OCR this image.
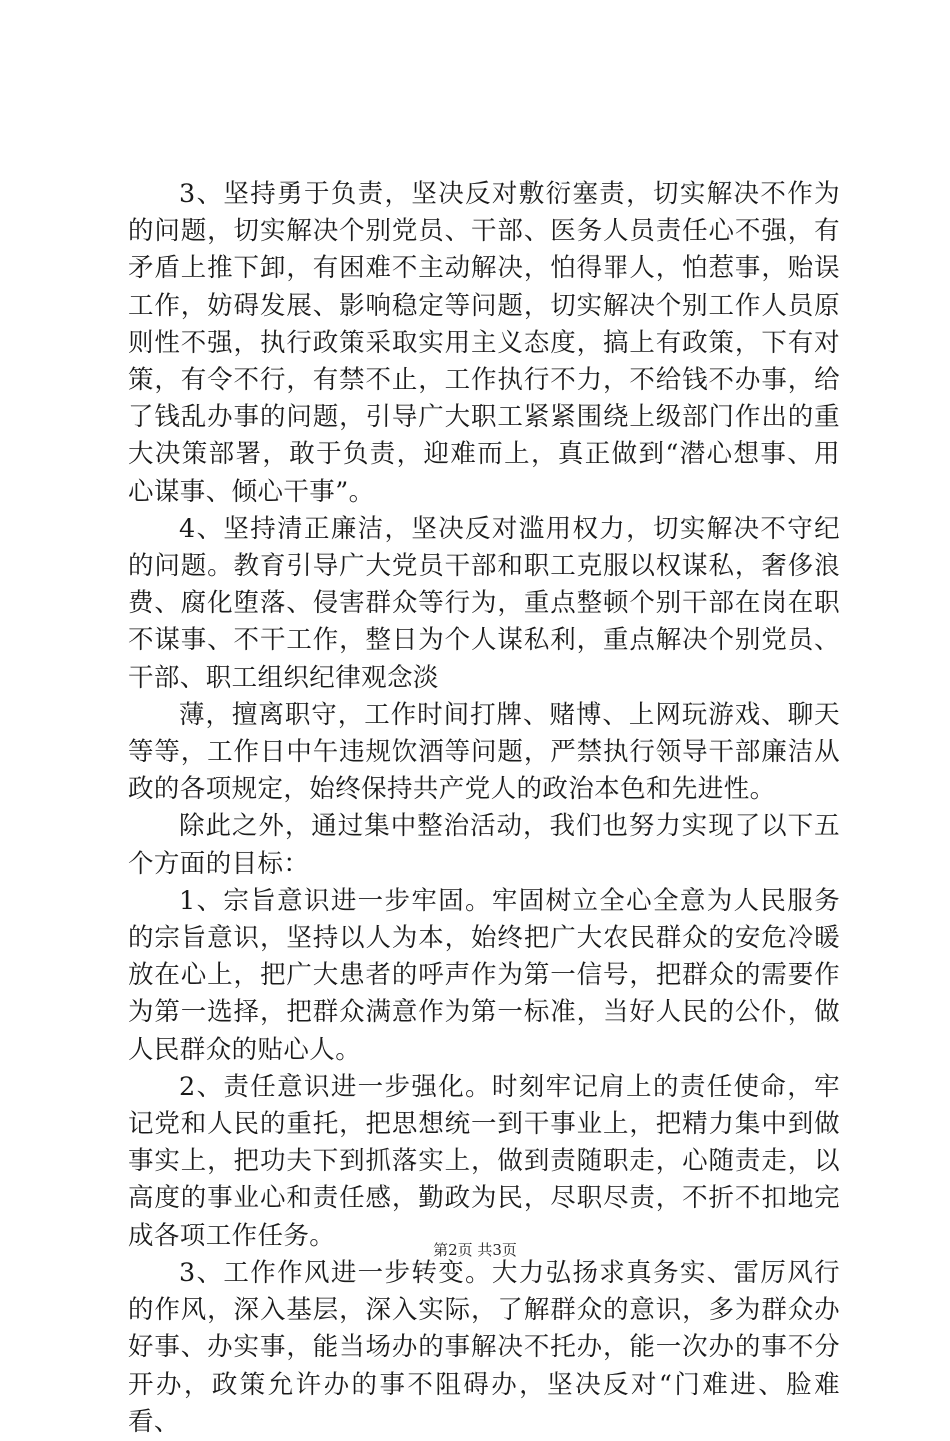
3、坚持勇于负责，坚决反对敷衍塞责，切实解决不作为的问题，切实解决个别党员、干部、医务人员责任心不强，有矛盾上推下卸，有困难不主动解决，怕得罪人，怕惹事，贻误工作，妨碍发展、影响稳定等问题，切实解决个别工作人员原则性不强，执行政策采取实用主义态度，搞上有政策，下有对策，有令不行，有禁不止，工作执行不力，不给钱不办事，给了钱乱办事的问题，引导广大职工紧紧围绕上级部门作出的重大决策部署，敢于负责，迎难而上，真正做到“潜心想事、用心谋事、倾心干事”。

4、坚持清正廉洁，坚决反对滥用权力，切实解决不守纪的问题。教育引导广大党员干部和职工克服以权谋私，奢侈浪费、腐化堕落、侵害群众等行为，重点整顿个别干部在岗在职不谋事、不干工作，整日为个人谋私利，重点解决个别党员、干部、职工组织纪律观念淡

薄，擅离职守，工作时间打牌、赌博、上网玩游戏、聊天等等，工作日中午违规饮酒等问题，严禁执行领导干部廉洁从政的各项规定，始终保持共产党人的政治本色和先进性。

除此之外，通过集中整治活动，我们也努力实现了以下五个方面的目标：

1、宗旨意识进一步牢固。牢固树立全心全意为人民服务的宗旨意识，坚持以人为本，始终把广大农民群众的安危冷暖放在心上，把广大患者的呼声作为第一信号，把群众的需要作为第一选择，把群众满意作为第一标准，当好人民的公仆，做人民群众的贴心人。

2、责任意识进一步强化。时刻牢记肩上的责任使命，牢记党和人民的重托，把思想统一到干事业上，把精力集中到做事实上，把功夫下到抓落实上，做到责随职走，心随责走，以高度的事业心和责任感，勤政为民，尽职尽责，不折不扣地完成各项工作任务。

3、工作作风进一步转变。大力弘扬求真务实、雷厉风行的作风，深入基层，深入实际，了解群众的意识，多为群众办好事、办实事，能当场办的事解决不托办，能一次办的事不分开办，政策允许办的事不阻碍办，坚决反对“门难进、脸难看、

第2页 共3页
